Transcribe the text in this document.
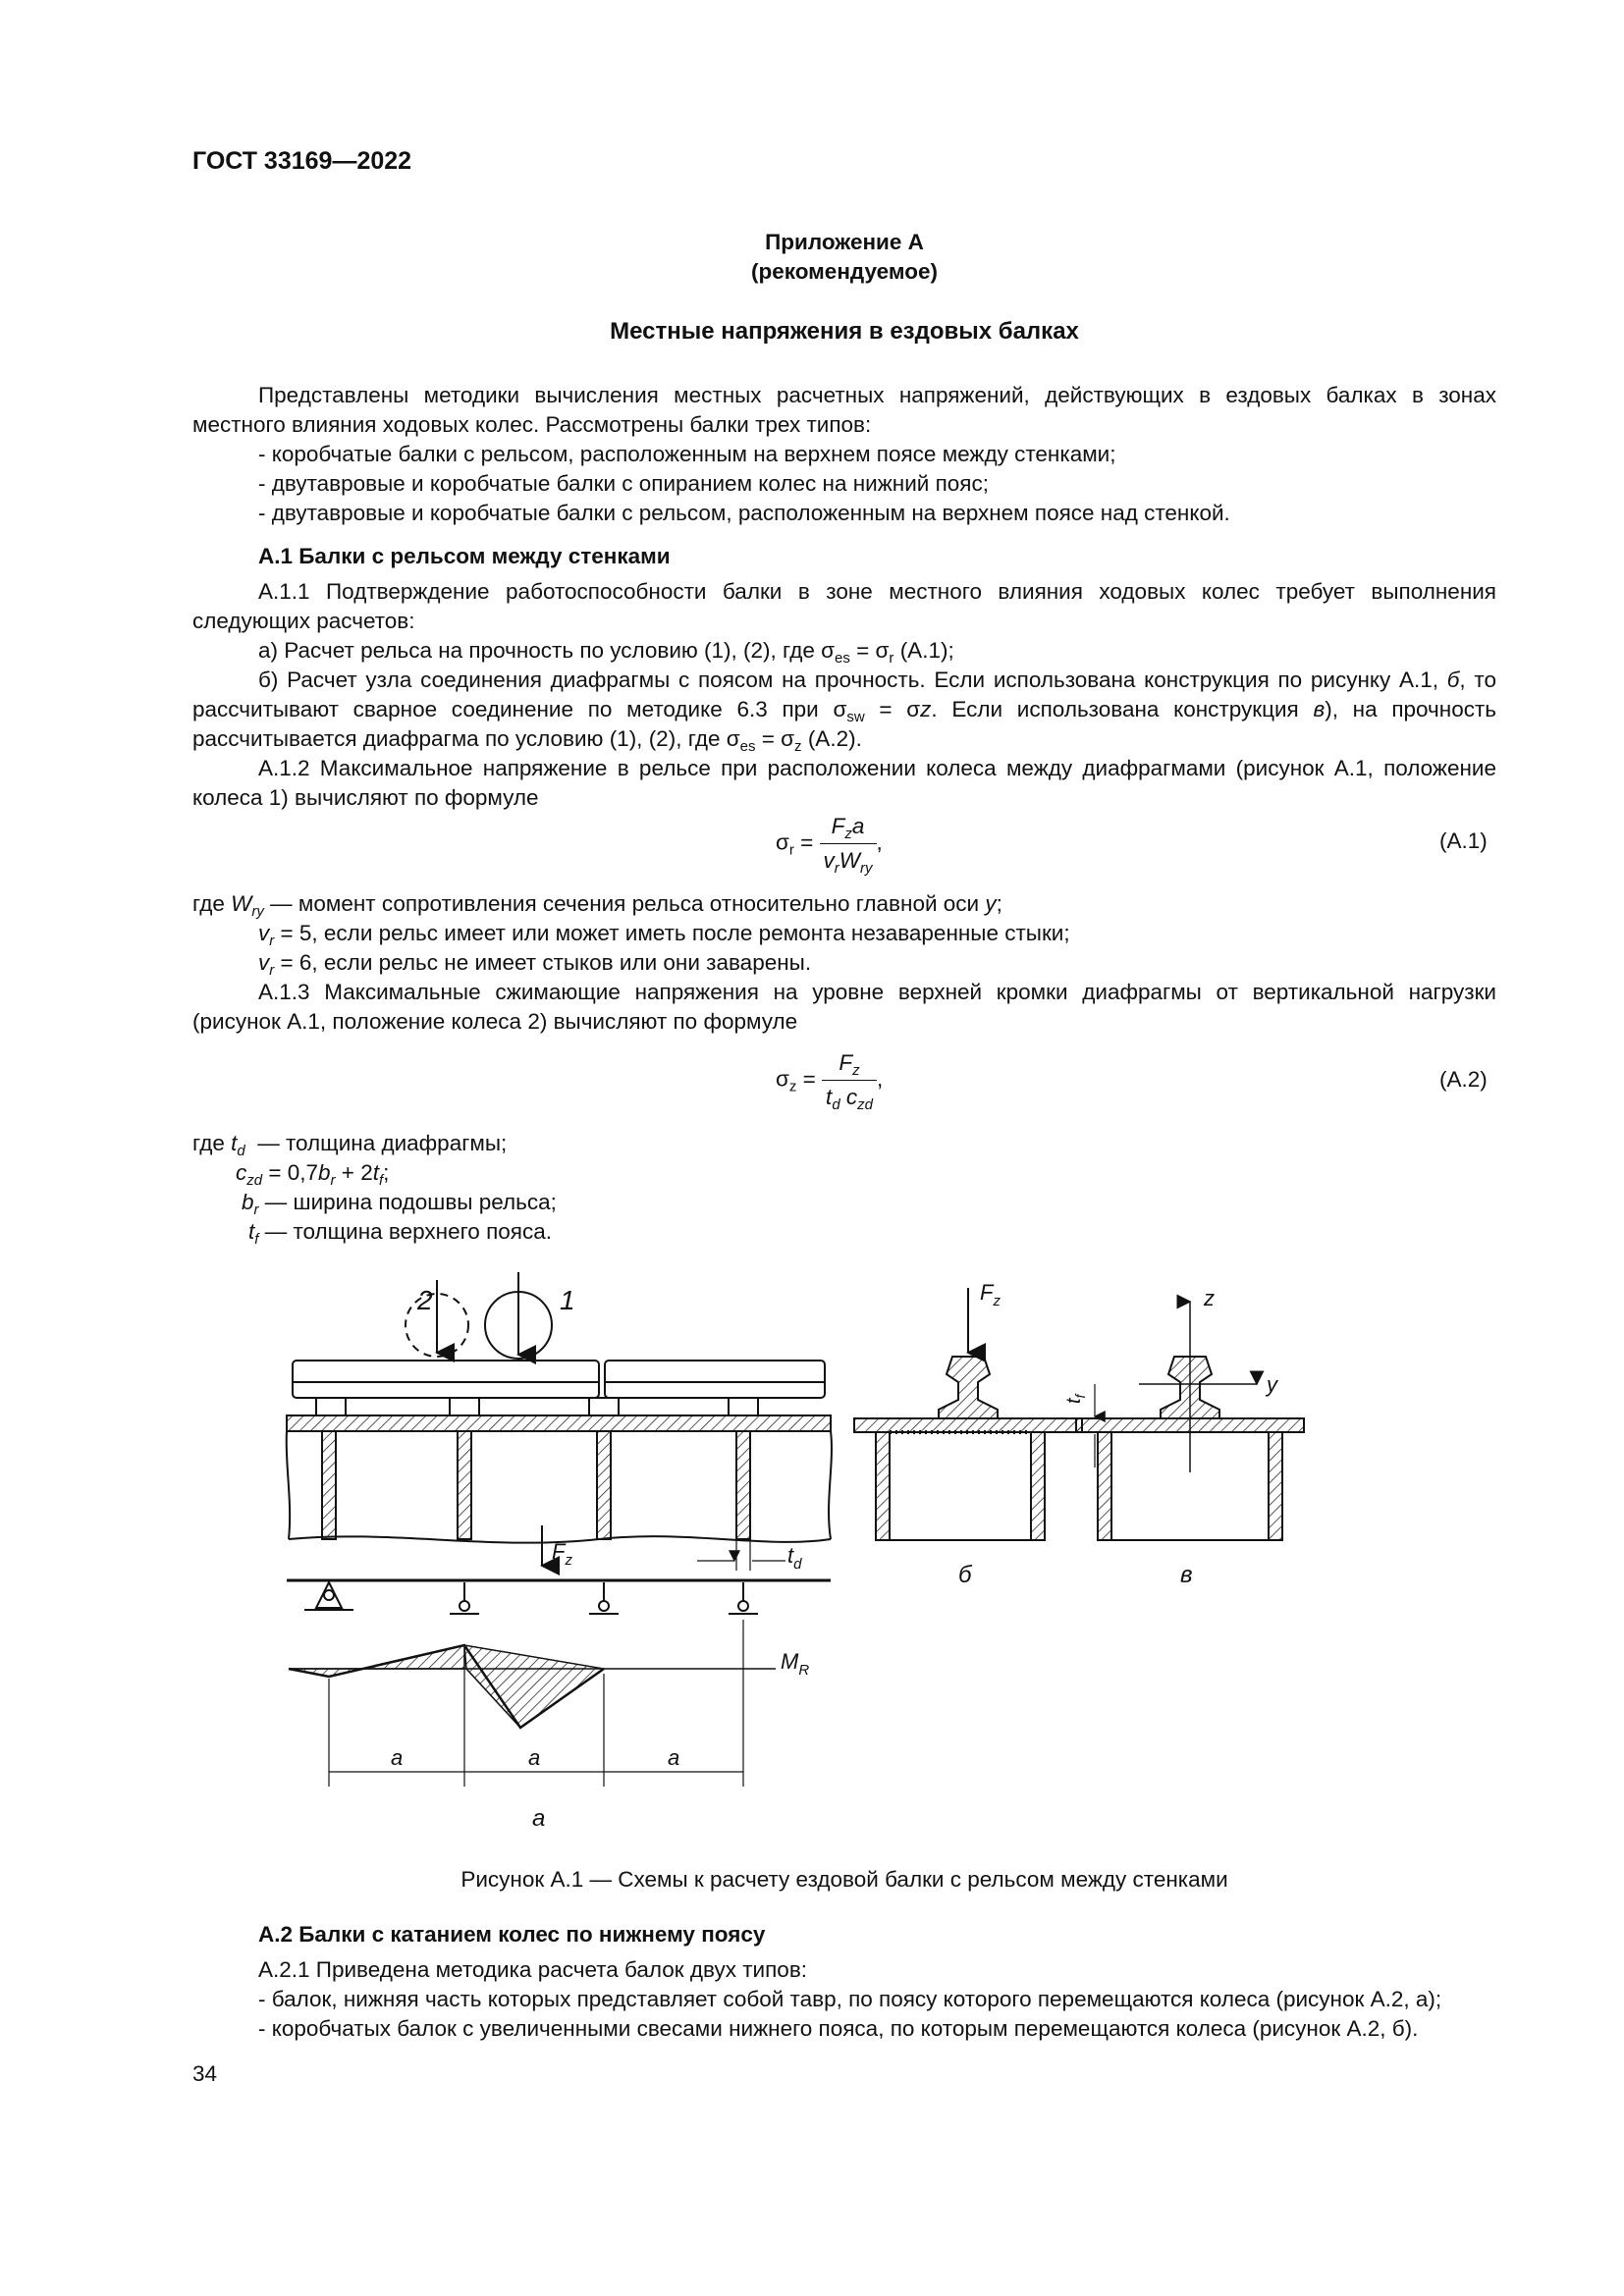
ГОСТ 33169—2022
Приложение А
(рекомендуемое)
Местные напряжения в ездовых балках
Представлены методики вычисления местных расчетных напряжений, действующих в ездовых балках в зонах местного влияния ходовых колес. Рассмотрены балки трех типов:
- коробчатые балки с рельсом, расположенным на верхнем поясе между стенками;
- двутавровые и коробчатые балки с опиранием колес на нижний пояс;
- двутавровые и коробчатые балки с рельсом, расположенным на верхнем поясе над стенкой.
А.1 Балки с рельсом между стенками
А.1.1 Подтверждение работоспособности балки в зоне местного влияния ходовых колес требует выполнения следующих расчетов:
а) Расчет рельса на прочность по условию (1), (2), где $\sigma_{es} = \sigma_r$ (А.1);
б) Расчет узла соединения диафрагмы с поясом на прочность. Если использована конструкция по рисунку А.1, б, то рассчитывают сварное соединение по методике 6.3 при $\sigma_{sw} = \sigma z$. Если использована конструкция в), на прочность рассчитывается диафрагма по условию (1), (2), где $\sigma_{es} = \sigma_z$ (А.2).
А.1.2 Максимальное напряжение в рельсе при расположении колеса между диафрагмами (рисунок А.1, положение колеса 1) вычисляют по формуле
$\sigma_r = \frac{F_za}{v_rW_{ry}}$ ,	(А.1)
где $W_{ry}$ — момент сопротивления сечения рельса относительно главной оси y;
$v_r = 5$, если рельс имеет или может иметь после ремонта незаваренные стыки;
$v_r = 6$, если рельс не имеет стыков или они заварены.
А.1.3 Максимальные сжимающие напряжения на уровне верхней кромки диафрагмы от вертикальной нагрузки (рисунок А.1, положение колеса 2) вычисляют по формуле
$\sigma_z = \frac{F_z}{t_d c_{zd}}$ ,	(А.2)
где $t_d$ — толщина диафрагмы;
$c_{zd} = 0,7b_r + 2t_f$;
$b_r$ — ширина подошвы рельса;
$t_f$ — толщина верхнего пояса.
2	1
$F_z$	$t_d$
$M_R$
a	a	a
а
$F_z$
$t_f$
б
z
y
в
Рисунок А.1 — Схемы к расчету ездовой балки с рельсом между стенками
А.2 Балки с катанием колес по нижнему поясу
А.2.1 Приведена методика расчета балок двух типов:
- балок, нижняя часть которых представляет собой тавр, по поясу которого перемещаются колеса (рисунок А.2, а);
- коробчатых балок с увеличенными свесами нижнего пояса, по которым перемещаются колеса (рисунок А.2, б).
34
